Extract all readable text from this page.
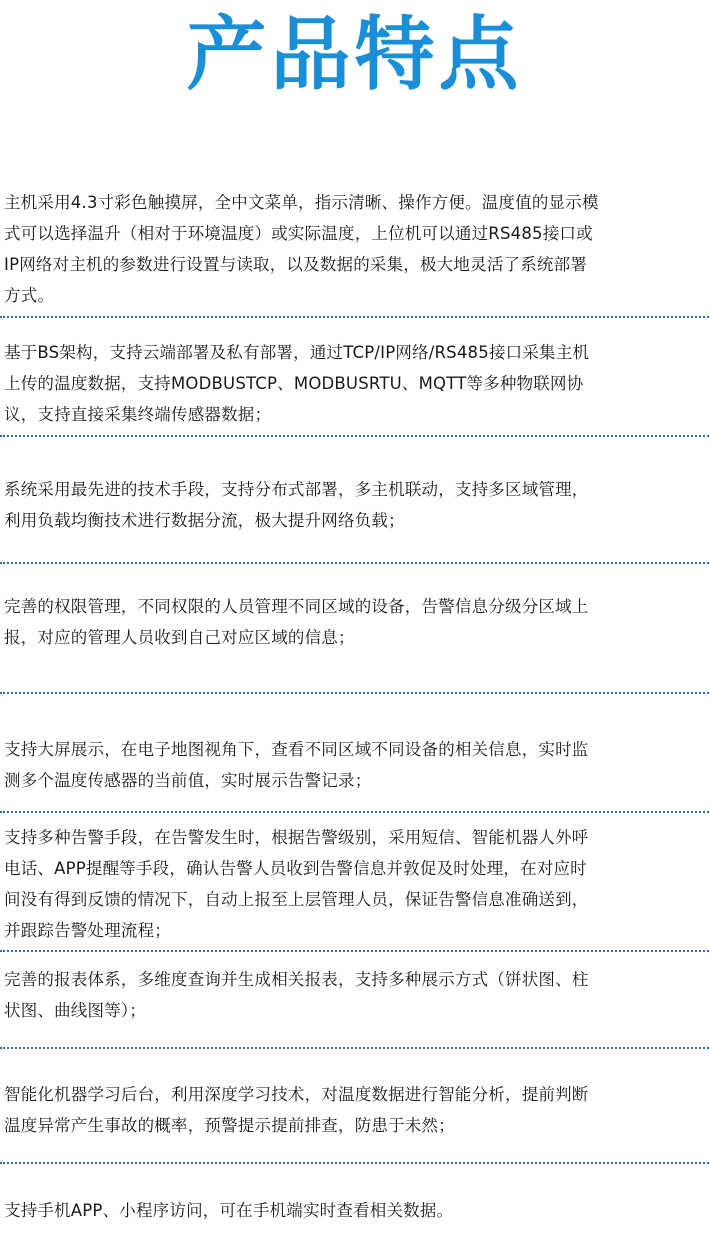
产品特点

主机采用4.3寸彩色触摸屏，全中文菜单，指示清晰、操作方便。温度值的显示模
式可以选择温升（相对于环境温度）或实际温度，上位机可以通过RS485接口或
IP网络对主机的参数进行设置与读取，以及数据的采集，极大地灵活了系统部署
方式。

基于BS架构，支持云端部署及私有部署，通过TCP/IP网络/RS485接口采集主机
上传的温度数据，支持MODBUSTCP、MODBUSRTU、MQTT等多种物联网协
议，支持直接采集终端传感器数据；

系统采用最先进的技术手段，支持分布式部署，多主机联动，支持多区域管理，
利用负载均衡技术进行数据分流，极大提升网络负载；

完善的权限管理，不同权限的人员管理不同区域的设备，告警信息分级分区域上
报，对应的管理人员收到自己对应区域的信息；

支持大屏展示，在电子地图视角下，查看不同区域不同设备的相关信息，实时监
测多个温度传感器的当前值，实时展示告警记录；

支持多种告警手段，在告警发生时，根据告警级别，采用短信、智能机器人外呼
电话、APP提醒等手段，确认告警人员收到告警信息并敦促及时处理，在对应时
间没有得到反馈的情况下，自动上报至上层管理人员，保证告警信息准确送到，
并跟踪告警处理流程；

完善的报表体系，多维度查询并生成相关报表，支持多种展示方式（饼状图、柱
状图、曲线图等）；

智能化机器学习后台，利用深度学习技术，对温度数据进行智能分析，提前判断
温度异常产生事故的概率，预警提示提前排查，防患于未然；

支持手机APP、小程序访问，可在手机端实时查看相关数据。
